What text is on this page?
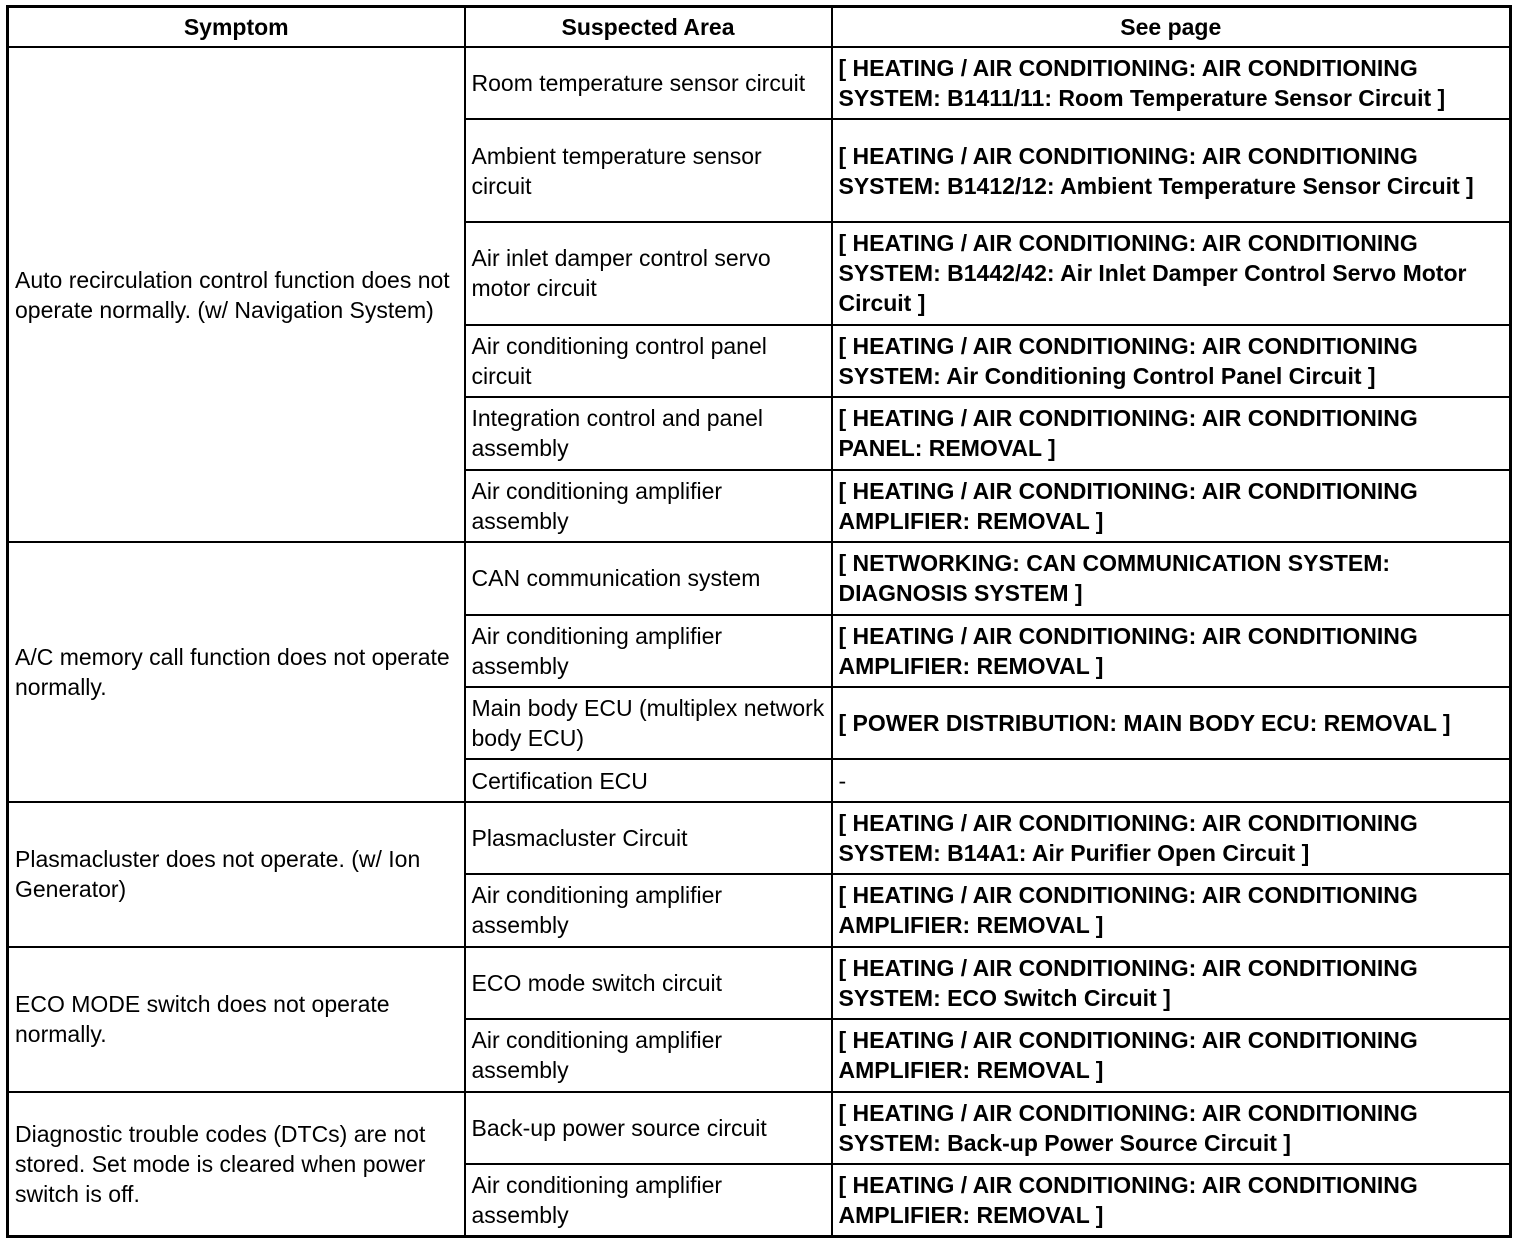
Symptom	Suspected Area	See page
Auto recirculation control function does not operate normally. (w/ Navigation System)	Room temperature sensor circuit	[ HEATING / AIR CONDITIONING: AIR CONDITIONING SYSTEM: B1411/11: Room Temperature Sensor Circuit ]
	Ambient temperature sensor circuit	[ HEATING / AIR CONDITIONING: AIR CONDITIONING SYSTEM: B1412/12: Ambient Temperature Sensor Circuit ]
	Air inlet damper control servo motor circuit	[ HEATING / AIR CONDITIONING: AIR CONDITIONING SYSTEM: B1442/42: Air Inlet Damper Control Servo Motor Circuit ]
	Air conditioning control panel circuit	[ HEATING / AIR CONDITIONING: AIR CONDITIONING SYSTEM: Air Conditioning Control Panel Circuit ]
	Integration control and panel assembly	[ HEATING / AIR CONDITIONING: AIR CONDITIONING PANEL: REMOVAL ]
	Air conditioning amplifier assembly	[ HEATING / AIR CONDITIONING: AIR CONDITIONING AMPLIFIER: REMOVAL ]
A/C memory call function does not operate normally.	CAN communication system	[ NETWORKING: CAN COMMUNICATION SYSTEM: DIAGNOSIS SYSTEM ]
	Air conditioning amplifier assembly	[ HEATING / AIR CONDITIONING: AIR CONDITIONING AMPLIFIER: REMOVAL ]
	Main body ECU (multiplex network body ECU)	[ POWER DISTRIBUTION: MAIN BODY ECU: REMOVAL ]
	Certification ECU	-
Plasmacluster does not operate. (w/ Ion Generator)	Plasmacluster Circuit	[ HEATING / AIR CONDITIONING: AIR CONDITIONING SYSTEM: B14A1: Air Purifier Open Circuit ]
	Air conditioning amplifier assembly	[ HEATING / AIR CONDITIONING: AIR CONDITIONING AMPLIFIER: REMOVAL ]
ECO MODE switch does not operate normally.	ECO mode switch circuit	[ HEATING / AIR CONDITIONING: AIR CONDITIONING SYSTEM: ECO Switch Circuit ]
	Air conditioning amplifier assembly	[ HEATING / AIR CONDITIONING: AIR CONDITIONING AMPLIFIER: REMOVAL ]
Diagnostic trouble codes (DTCs) are not stored. Set mode is cleared when power switch is off.	Back-up power source circuit	[ HEATING / AIR CONDITIONING: AIR CONDITIONING SYSTEM: Back-up Power Source Circuit ]
	Air conditioning amplifier assembly	[ HEATING / AIR CONDITIONING: AIR CONDITIONING AMPLIFIER: REMOVAL ]
